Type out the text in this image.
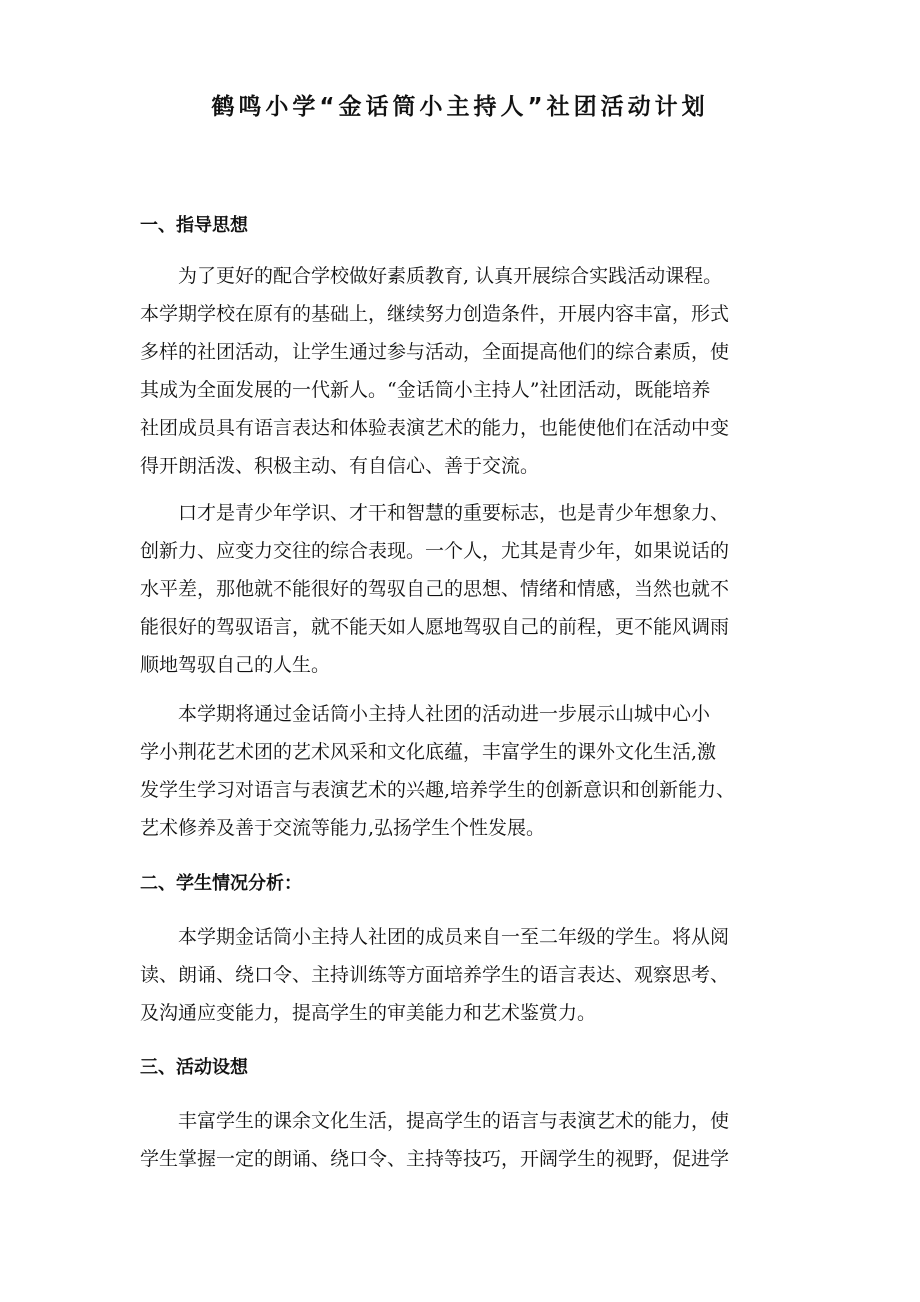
鹤鸣小学“金话筒小主持人”社团活动计划
一、指导思想

为了更好的配合学校做好素质教育, 认真开展综合实践活动课程。
本学期学校在原有的基础上，继续努力创造条件，开展内容丰富，形式
多样的社团活动，让学生通过参与活动，全面提高他们的综合素质，使
其成为全面发展的一代新人。“金话筒小主持人”社团活动，既能培养
社团成员具有语言表达和体验表演艺术的能力，也能使他们在活动中变
得开朗活泼、积极主动、有自信心、善于交流。

口才是青少年学识、才干和智慧的重要标志，也是青少年想象力、
创新力、应变力交往的综合表现。一个人，尤其是青少年，如果说话的
水平差，那他就不能很好的驾驭自己的思想、情绪和情感，当然也就不
能很好的驾驭语言，就不能天如人愿地驾驭自己的前程，更不能风调雨
顺地驾驭自己的人生。

本学期将通过金话筒小主持人社团的活动进一步展示山城中心小
学小荆花艺术团的艺术风采和文化底蕴，丰富学生的课外文化生活,激
发学生学习对语言与表演艺术的兴趣,培养学生的创新意识和创新能力、
艺术修养及善于交流等能力,弘扬学生个性发展。

二、学生情况分析：

本学期金话筒小主持人社团的成员来自一至二年级的学生。将从阅
读、朗诵、绕口令、主持训练等方面培养学生的语言表达、观察思考、
及沟通应变能力，提高学生的审美能力和艺术鉴赏力。

三、活动设想

丰富学生的课余文化生活，提高学生的语言与表演艺术的能力，使
学生掌握一定的朗诵、绕口令、主持等技巧，开阔学生的视野，促进学
